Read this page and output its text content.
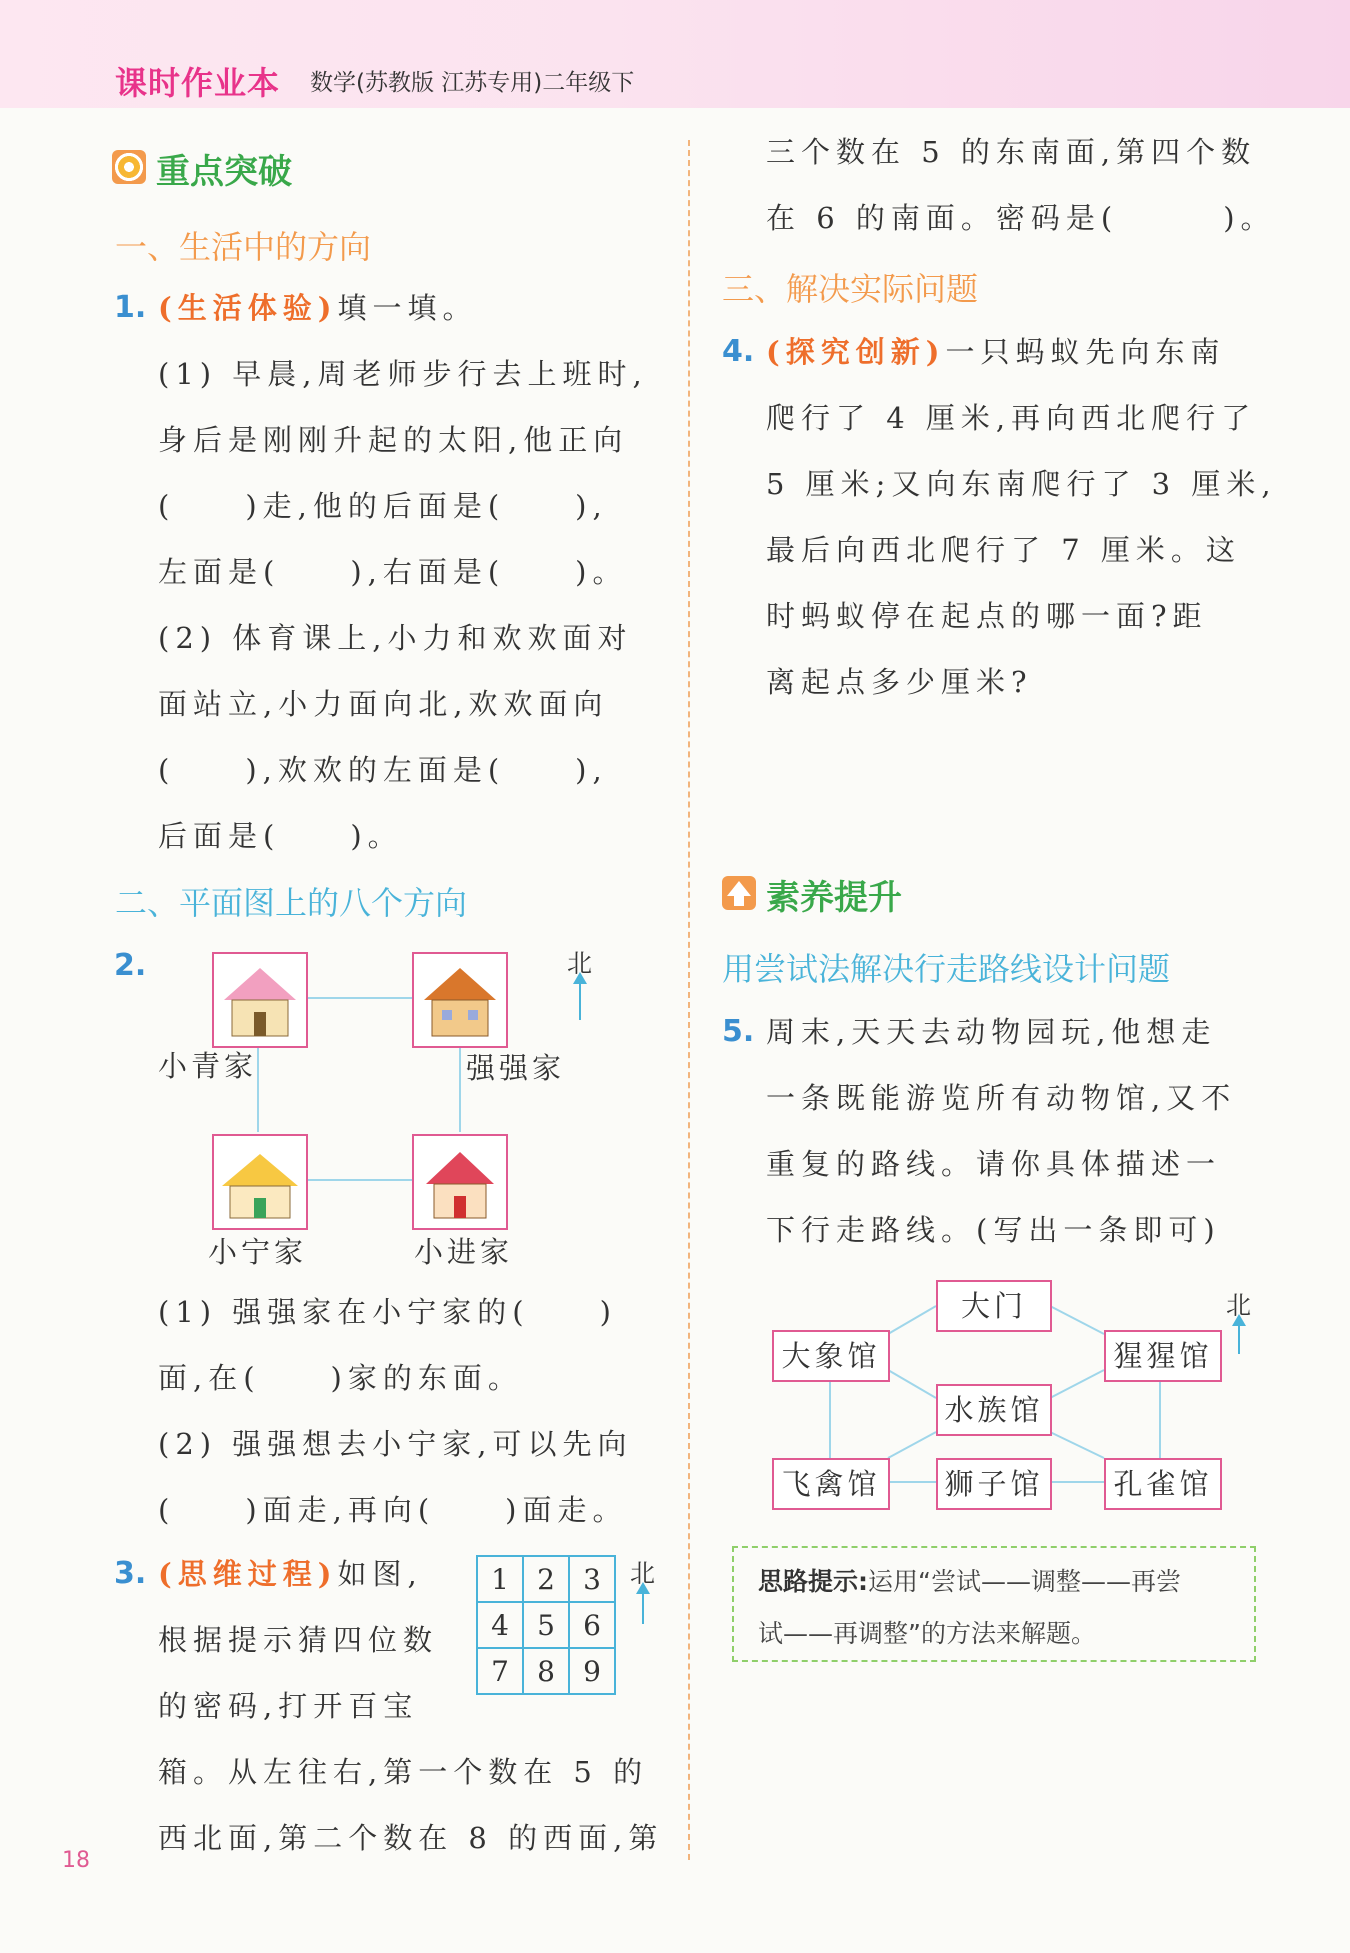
课时作业本 数学(苏教版 江苏专用)二年级下
重点突破
一、生活中的方向
1. (生活体验)填一填。
(1) 早晨,周老师步行去上班时,
身后是刚刚升起的太阳,他正向
(　　)走,他的后面是(　　),
左面是(　　),右面是(　　)。
(2) 体育课上,小力和欢欢面对
面站立,小力面向北,欢欢面向
(　　),欢欢的左面是(　　),
后面是(　　)。
二、平面图上的八个方向
2.
小青家	强强家
小宁家	小进家
北
(1) 强强家在小宁家的(　　)
面,在(　　)家的东面。
(2) 强强想去小宁家,可以先向
(　　)面走,再向(　　)面走。
3. (思维过程)如图, 1	2	3
4	5	6
7	8	9
北
根据提示猜四位数
的密码,打开百宝
箱。从左往右,第一个数在 5 的
西北面,第二个数在 8 的西面,第
三个数在 5 的东南面,第四个数
在 6 的南面。密码是(　　　)。
三、解决实际问题
4. (探究创新)一只蚂蚁先向东南
爬行了 4 厘米,再向西北爬行了
5 厘米;又向东南爬行了 3 厘米,
最后向西北爬行了 7 厘米。这
时蚂蚁停在起点的哪一面?距
离起点多少厘米?
素养提升
用尝试法解决行走路线设计问题
5. 周末,天天去动物园玩,他想走
一条既能游览所有动物馆,又不
重复的路线。请你具体描述一
下行走路线。(写出一条即可)
大门
大象馆	猩猩馆
水族馆
飞禽馆	狮子馆	孔雀馆
北
思路提示:运用“尝试——调整——再尝
试——再调整”的方法来解题。
18
